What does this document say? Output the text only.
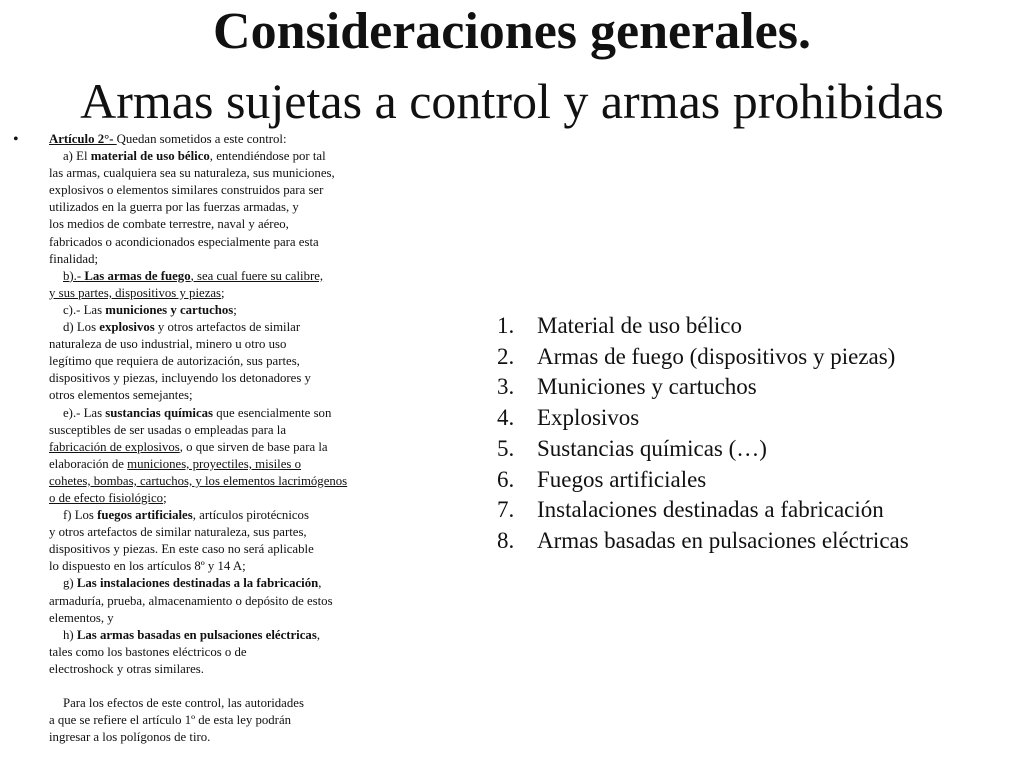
Consideraciones generales.
Armas sujetas a control y armas prohibidas
• Artículo 2°- Quedan sometidos a este control:
a) El material de uso bélico, entendiéndose por tal
las armas, cualquiera sea su naturaleza, sus municiones,
explosivos o elementos similares construidos para ser
utilizados en la guerra por las fuerzas armadas, y
los medios de combate terrestre, naval y aéreo,
fabricados o acondicionados especialmente para esta
finalidad;
b).- Las armas de fuego, sea cual fuere su calibre,
y sus partes, dispositivos y piezas;
c).- Las municiones y cartuchos;
d) Los explosivos y otros artefactos de similar
naturaleza de uso industrial, minero u otro uso
legítimo que requiera de autorización, sus partes,
dispositivos y piezas, incluyendo los detonadores y
otros elementos semejantes;
e).- Las sustancias químicas que esencialmente son
susceptibles de ser usadas o empleadas para la
fabricación de explosivos, o que sirven de base para la
elaboración de municiones, proyectiles, misiles o
cohetes, bombas, cartuchos, y los elementos lacrimógenos
o de efecto fisiológico;
f) Los fuegos artificiales, artículos pirotécnicos
y otros artefactos de similar naturaleza, sus partes,
dispositivos y piezas. En este caso no será aplicable
lo dispuesto en los artículos 8º y 14 A;
g) Las instalaciones destinadas a la fabricación,
armaduría, prueba, almacenamiento o depósito de estos
elementos, y
h) Las armas basadas en pulsaciones eléctricas,
tales como los bastones eléctricos o de
electroshock y otras similares.
Para los efectos de este control, las autoridades
a que se refiere el artículo 1º de esta ley podrán
ingresar a los polígonos de tiro.
1. Material de uso bélico
2. Armas de fuego (dispositivos y piezas)
3. Municiones y cartuchos
4. Explosivos
5. Sustancias químicas (…)
6. Fuegos artificiales
7. Instalaciones destinadas a fabricación
8. Armas basadas en pulsaciones eléctricas
